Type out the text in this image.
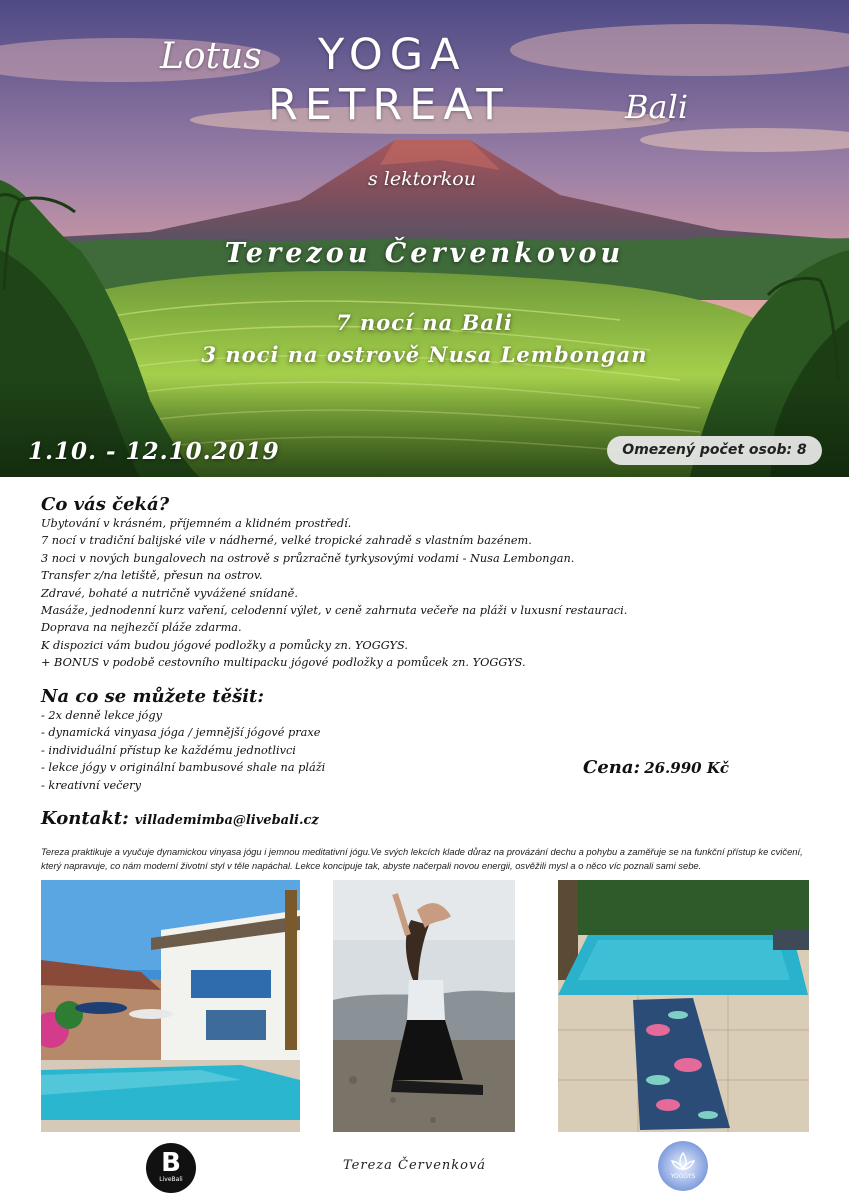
Lotus YOGA
RETREAT	Bali
s lektorkou
Terezou Červenkovou
7 nocí na Bali
3 noci na ostrově Nusa Lembongan
1.10. - 12.10.2019	Omezený počet osob: 8
Co vás čeká?
Ubytování v krásném, příjemném a klidném prostředí.
7 nocí v tradiční balijské vile v nádherné, velké tropické zahradě s vlastním bazénem.
3 noci v nových bungalovech na ostrově s průzračně tyrkysovými vodami - Nusa Lembongan.
Transfer z/na letiště, přesun na ostrov.
Zdravé, bohaté a nutričně vyvážené snídaně.
Masáže, jednodenní kurz vaření, celodenní výlet, v ceně zahrnuta večeře na pláži v luxusní restauraci.
Doprava na nejhezčí pláže zdarma.
K dispozici vám budou jógové podložky a pomůcky zn. YOGGYS.
+ BONUS v podobě cestovního multipacku jógové podložky a pomůcek zn. YOGGYS.
Na co se můžete těšit:
- 2x denně lekce jógy
- dynamická vinyasa jóga / jemnější jógové praxe
- individuální přístup ke každému jednotlivci
- lekce jógy v originální bambusové shale na pláži
- kreativní večery
Cena: 26.990 Kč
Kontakt: villademimba@livebali.cz
Tereza praktikuje a vyučuje dynamickou vinyasa jógu i jemnou meditativní jógu.Ve svých lekcích klade důraz na provázání dechu a pohybu a zaměřuje se na funkční přístup ke cvičení, který napravuje, co nám moderní životní styl v těle napáchal. Lekce koncipuje tak, abyste načerpali novou energii, osvěžili mysl a o něco víc poznali sami sebe.
B
LiveBali
Tereza Červenková
YOGGYS
